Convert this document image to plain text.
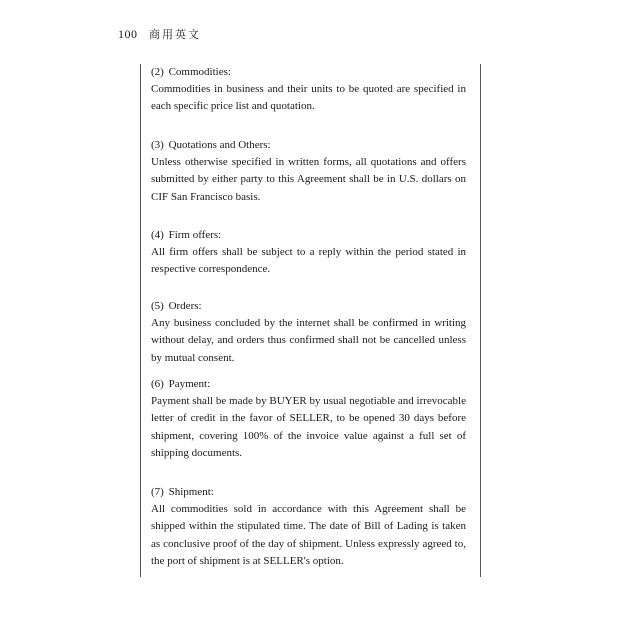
100 商用英文

(2) Commodities:

Commodities in business and their units to be quoted are specified in each specific price list and quotation.

(3) Quotations and Others:

Unless otherwise specified in written forms, all quotations and offers submitted by either party to this Agreement shall be in U.S. dollars on CIF San Francisco basis.

(4) Firm offers:

All firm offers shall be subject to a reply within the period stated in respective correspondence.

(5) Orders:

Any business concluded by the internet shall be confirmed in writing without delay, and orders thus confirmed shall not be cancelled unless by mutual consent.

(6) Payment:

Payment shall be made by BUYER by usual negotiable and irrevocable letter of credit in the favor of SELLER, to be opened 30 days before shipment, covering 100% of the invoice value against a full set of shipping documents.

(7) Shipment:

All commodities sold in accordance with this Agreement shall be shipped within the stipulated time. The date of Bill of Lading is taken as conclusive proof of the day of shipment. Unless expressly agreed to, the port of shipment is at SELLER's option.
